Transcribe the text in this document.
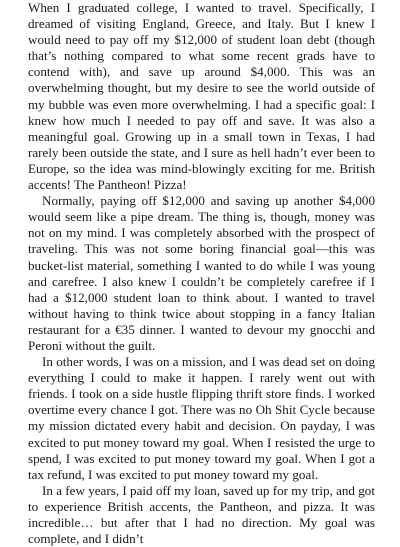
When I graduated college, I wanted to travel. Specifically, I dreamed of visiting England, Greece, and Italy. But I knew I would need to pay off my $12,000 of student loan debt (though that’s nothing compared to what some recent grads have to contend with), and save up around $4,000. This was an overwhelming thought, but my desire to see the world outside of my bubble was even more overwhelming. I had a specific goal: I knew how much I needed to pay off and save. It was also a meaningful goal. Growing up in a small town in Texas, I had rarely been outside the state, and I sure as hell hadn’t ever been to Europe, so the idea was mind-blowingly exciting for me. British accents! The Pantheon! Pizza!

Normally, paying off $12,000 and saving up another $4,000 would seem like a pipe dream. The thing is, though, money was not on my mind. I was completely absorbed with the prospect of traveling. This was not some boring financial goal—this was bucket-list material, something I wanted to do while I was young and carefree. I also knew I couldn’t be completely carefree if I had a $12,000 student loan to think about. I wanted to travel without having to think twice about stopping in a fancy Italian restaurant for a €35 dinner. I wanted to devour my gnocchi and Peroni without the guilt.

In other words, I was on a mission, and I was dead set on doing everything I could to make it happen. I rarely went out with friends. I took on a side hustle flipping thrift store finds. I worked overtime every chance I got. There was no Oh Shit Cycle because my mission dictated every habit and decision. On payday, I was excited to put money toward my goal. When I resisted the urge to spend, I was excited to put money toward my goal. When I got a tax refund, I was excited to put money toward my goal.

In a few years, I paid off my loan, saved up for my trip, and got to experience British accents, the Pantheon, and pizza. It was incredible… but after that I had no direction. My goal was complete, and I didn’t
